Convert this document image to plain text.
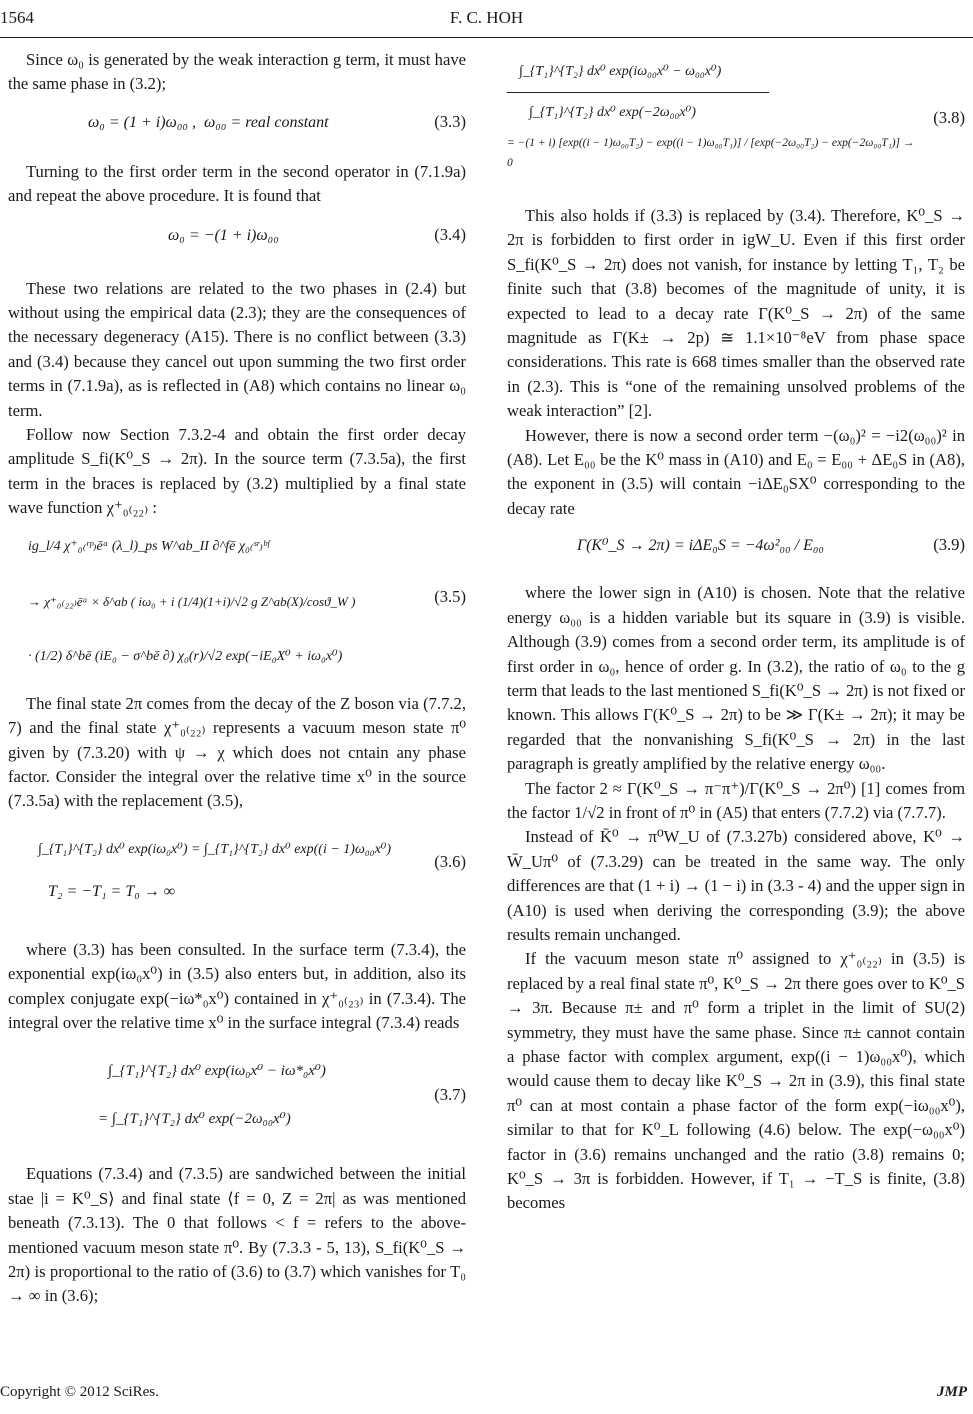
1564	F. C. HOH

Since ω₀ is generated by the weak interaction g term, it must have the same phase in (3.2);

ω₀ = (1 + i)ω₀₀ ,  ω₀₀ = real constant	(3.3)

Turning to the first order term in the second operator in (7.1.9a) and repeat the above procedure. It is found that

ω₀ = −(1 + i)ω₀₀	(3.4)

These two relations are related to the two phases in (2.4) but without using the empirical data (2.3); they are the consequences of the necessary degeneracy (A15). There is no conflict between (3.3) and (3.4) because they cancel out upon summing the two first order terms in (7.1.9a), as is reflected in (A8) which contains no linear ω₀ term.

Follow now Section 7.3.2-4 and obtain the first order decay amplitude S_fi(K⁰_S → 2π). In the source term (7.3.5a), the first term in the braces is replaced by (3.2) multiplied by a final state wave function χ⁺₀₍₂₂₎ :

ig_l/4 χ⁺₀₍ʳᵖ₎ēᵃ (λ_l)_ps W^ab_II ∂^fē χ₀₍ˢʳ₎ᵇᶠ
→ χ⁺₀₍₂₂₎ēᵃ × δ^ab ( iω₀ + i (1/4)(1+i)/√2 g Z^ab(X)/cosϑ_W )
· (1/2) δ^bē (iE₀ − σ^bē ∂) χ₀(r)/√2 exp(−iE₀X⁰ + iω₀x⁰)
(3.5)

The final state 2π comes from the decay of the Z boson via (7.7.2, 7) and the final state χ⁺₀₍₂₂₎ represents a vacuum meson state π⁰ given by (7.3.20) with ψ → χ which does not cntain any phase factor. Consider the integral over the relative time x⁰ in the source (7.3.5a) with the replacement (3.5),

∫_{T₁}^{T₂} dx⁰ exp(iω₀x⁰) = ∫_{T₁}^{T₂} dx⁰ exp((i − 1)ω₀₀x⁰)
T₂ = −T₁ = T₀ → ∞
(3.6)

where (3.3) has been consulted. In the surface term (7.3.4), the exponential exp(iω₀x⁰) in (3.5) also enters but, in addition, also its complex conjugate exp(−iω*₀x⁰) contained in χ⁺₀₍₂₃₎ in (7.3.4). The integral over the relative time x⁰ in the surface integral (7.3.4) reads

∫_{T₁}^{T₂} dx⁰ exp(iω₀x⁰ − iω*₀x⁰)
= ∫_{T₁}^{T₂} dx⁰ exp(−2ω₀₀x⁰)
(3.7)

Equations (7.3.4) and (7.3.5) are sandwiched between the initial stae |i = K⁰_S⟩ and final state ⟨f = 0, Z = 2π| as was mentioned beneath (7.3.13). The 0 that follows < f = refers to the above-mentioned vacuum meson state π⁰. By (7.3.3 - 5, 13), S_fi(K⁰_S → 2π) is proportional to the ratio of (3.6) to (3.7) which vanishes for T₀ → ∞ in (3.6);

∫_{T₁}^{T₂} dx⁰ exp(iω₀₀x⁰ − ω₀₀x⁰)
∫_{T₁}^{T₂} dx⁰ exp(−2ω₀₀x⁰)
= −(1 + i) [exp((i − 1)ω₀₀T₂) − exp((i − 1)ω₀₀T₁)] / [exp(−2ω₀₀T₂) − exp(−2ω₀₀T₁)] → 0
(3.8)

This also holds if (3.3) is replaced by (3.4). Therefore, K⁰_S → 2π is forbidden to first order in igW_U. Even if this first order S_fi(K⁰_S → 2π) does not vanish, for instance by letting T₁, T₂ be finite such that (3.8) becomes of the magnitude of unity, it is expected to lead to a decay rate Γ(K⁰_S → 2π) of the same magnitude as Γ(K± → 2p) ≅ 1.1×10⁻⁸eV from phase space considerations. This rate is 668 times smaller than the observed rate in (2.3). This is “one of the remaining unsolved problems of the weak interaction” [2].

However, there is now a second order term −(ω₀)² = −i2(ω₀₀)² in (A8). Let E₀₀ be the K⁰ mass in (A10) and E₀ = E₀₀ + ΔE₀S in (A8), the exponent in (3.5) will contain −iΔE₀SX⁰ corresponding to the decay rate

Γ(K⁰_S → 2π) = iΔE₀S = −4ω²₀₀ / E₀₀	(3.9)

where the lower sign in (A10) is chosen. Note that the relative energy ω₀₀ is a hidden variable but its square in (3.9) is visible. Although (3.9) comes from a second order term, its amplitude is of first order in ω₀, hence of order g. In (3.2), the ratio of ω₀ to the g term that leads to the last mentioned S_fi(K⁰_S → 2π) is not fixed or known. This allows Γ(K⁰_S → 2π) to be ≫ Γ(K± → 2π); it may be regarded that the nonvanishing S_fi(K⁰_S → 2π) in the last paragraph is greatly amplified by the relative energy ω₀₀.

The factor 2 ≈ Γ(K⁰_S → π⁻π⁺)/Γ(K⁰_S → 2π⁰) [1] comes from the factor 1/√2 in front of π⁰ in (A5) that enters (7.7.2) via (7.7.7).

Instead of K̄⁰ → π⁰W_U of (7.3.27b) considered above, K⁰ → W̄_Uπ⁰ of (7.3.29) can be treated in the same way. The only differences are that (1 + i) → (1 − i) in (3.3 - 4) and the upper sign in (A10) is used when deriving the corresponding (3.9); the above results remain unchanged.

If the vacuum meson state π⁰ assigned to χ⁺₀₍₂₂₎ in (3.5) is replaced by a real final state π⁰, K⁰_S → 2π there goes over to K⁰_S → 3π. Because π± and π⁰ form a triplet in the limit of SU(2) symmetry, they must have the same phase. Since π± cannot contain a phase factor with complex argument, exp((i − 1)ω₀₀x⁰), which would cause them to decay like K⁰_S → 2π in (3.9), this final state π⁰ can at most contain a phase factor of the form exp(−iω₀₀x⁰), similar to that for K⁰_L following (4.6) below. The exp(−ω₀₀x⁰) factor in (3.6) remains unchanged and the ratio (3.8) remains 0; K⁰_S → 3π is forbidden. However, if T₁ → −T_S is finite, (3.8) becomes

Copyright © 2012 SciRes.	JMP
